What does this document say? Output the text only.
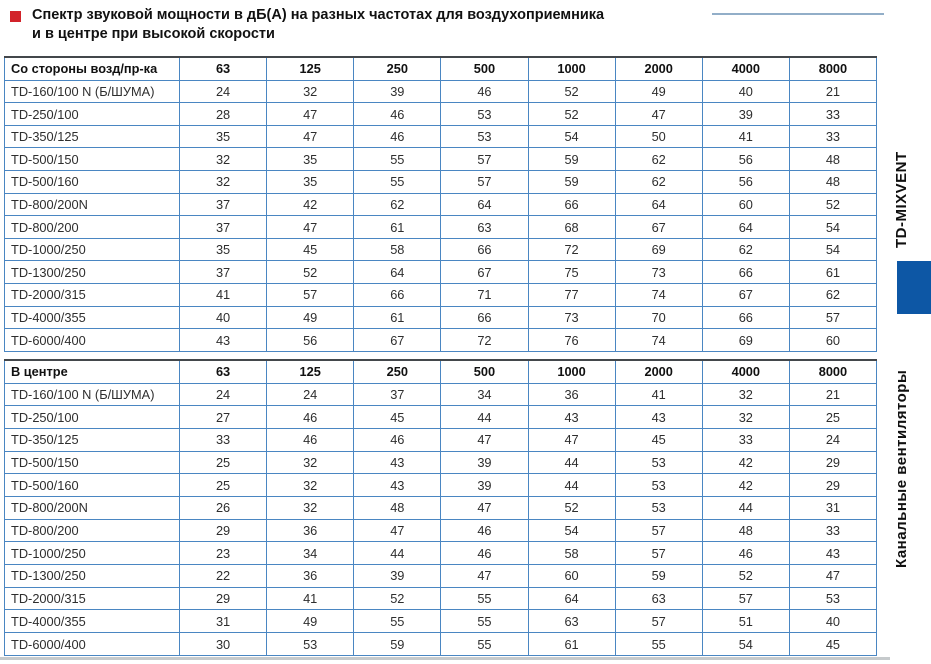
Спектр звуковой мощности в дБ(А) на разных частотах для воздухоприемника
и в центре при высокой скорости
Со стороны возд/пр-ка	63	125	250	500	1000	2000	4000	8000
TD-160/100 N (Б/ШУМА)	24	32	39	46	52	49	40	21
TD-250/100	28	47	46	53	52	47	39	33
TD-350/125	35	47	46	53	54	50	41	33
TD-500/150	32	35	55	57	59	62	56	48
TD-500/160	32	35	55	57	59	62	56	48
TD-800/200N	37	42	62	64	66	64	60	52
TD-800/200	37	47	61	63	68	67	64	54
TD-1000/250	35	45	58	66	72	69	62	54
TD-1300/250	37	52	64	67	75	73	66	61
TD-2000/315	41	57	66	71	77	74	67	62
TD-4000/355	40	49	61	66	73	70	66	57
TD-6000/400	43	56	67	72	76	74	69	60
В центре	63	125	250	500	1000	2000	4000	8000
TD-160/100 N (Б/ШУМА)	24	24	37	34	36	41	32	21
TD-250/100	27	46	45	44	43	43	32	25
TD-350/125	33	46	46	47	47	45	33	24
TD-500/150	25	32	43	39	44	53	42	29
TD-500/160	25	32	43	39	44	53	42	29
TD-800/200N	26	32	48	47	52	53	44	31
TD-800/200	29	36	47	46	54	57	48	33
TD-1000/250	23	34	44	46	58	57	46	43
TD-1300/250	22	36	39	47	60	59	52	47
TD-2000/315	29	41	52	55	64	63	57	53
TD-4000/355	31	49	55	55	63	57	51	40
TD-6000/400	30	53	59	55	61	55	54	45
TD-MIXVENT
Канальные вентиляторы
